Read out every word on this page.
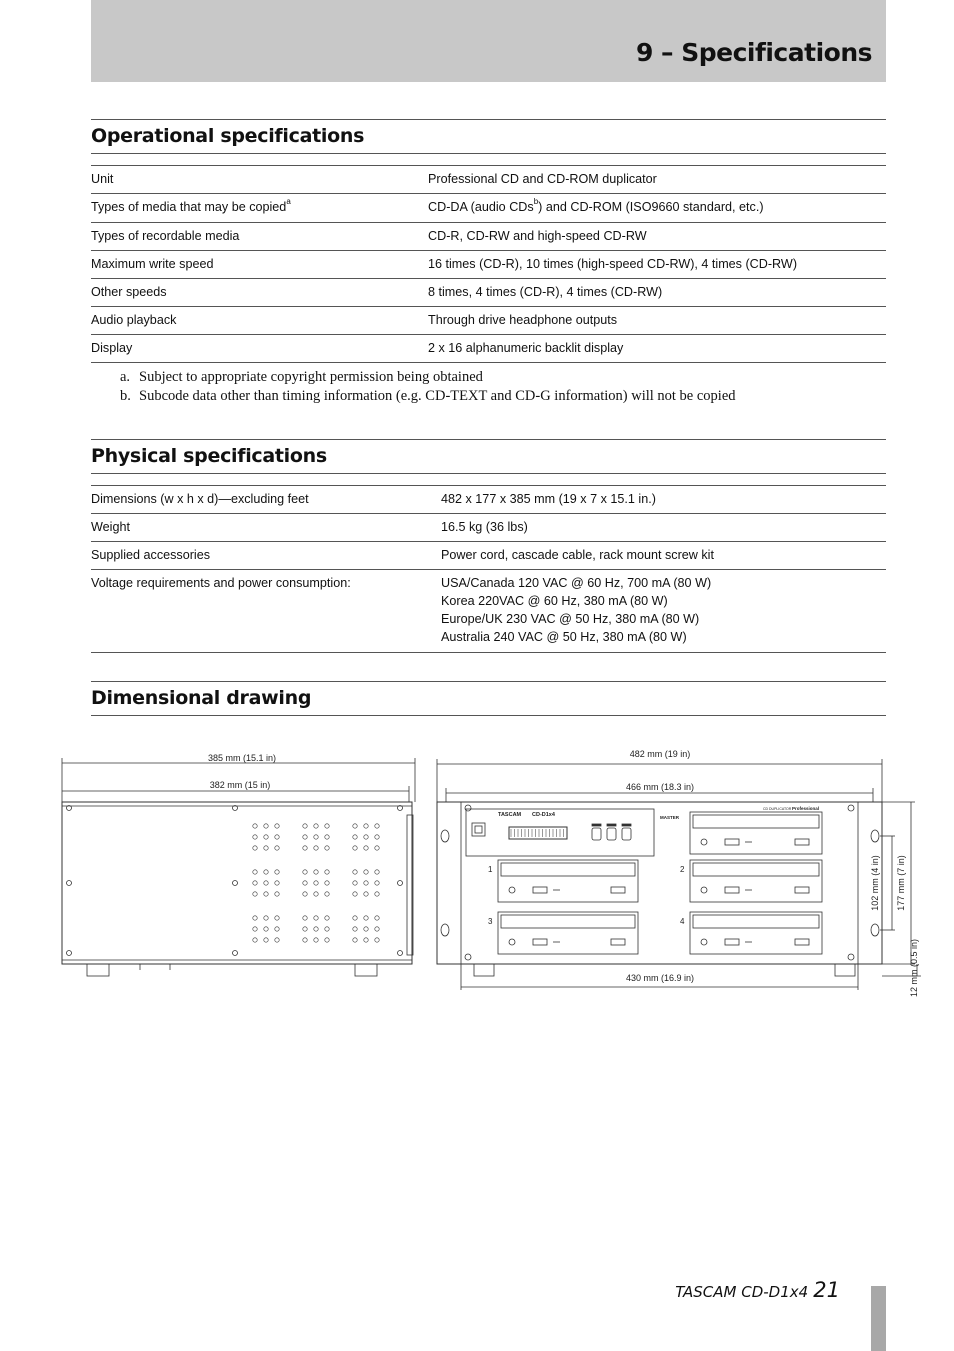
9 – Specifications
Operational specifications
Unit	Professional CD and CD-ROM duplicator
Types of media that may be copied$^a$	CD-DA (audio CDs$^b$) and CD-ROM (ISO9660 standard, etc.)
Types of recordable media	CD-R, CD-RW and high-speed CD-RW
Maximum write speed	16 times (CD-R), 10 times (high-speed CD-RW), 4 times (CD-RW)
Other speeds	8 times, 4 times (CD-R), 4 times (CD-RW)
Audio playback	Through drive headphone outputs
Display	2 x 16 alphanumeric backlit display
a. Subject to appropriate copyright permission being obtained
b. Subcode data other than timing information (e.g. CD-TEXT and CD-G information) will not be copied
Physical specifications
Dimensions (w x h x d)—excluding feet	482 x 177 x 385 mm (19 x 7 x 15.1 in.)

Weight	16.5 kg (36 lbs)

Supplied accessories	Power cord, cascade cable, rack mount screw kit

Voltage requirements and power consumption:	USA/Canada 120 VAC @ 60 Hz, 700 mA (80 W)
Korea 220VAC @ 60 Hz, 380 mA (80 W)
Europe/UK 230 VAC @ 50 Hz, 380 mA (80 W)
Australia 240 VAC @ 50 Hz, 380 mA (80 W)
Dimensional drawing
385 mm (15.1 in)
382 mm (15 in)
482 mm (19 in)
466 mm (18.3 in)
TASCAM CD-D1x4	MASTER
CD DUPLICATOR Professional
1	2
3	4
430 mm (16.9 in)
102 mm (4 in) 177 mm (7 in)
12 mm (0.5 in)
TASCAM CD-D1x4 21
